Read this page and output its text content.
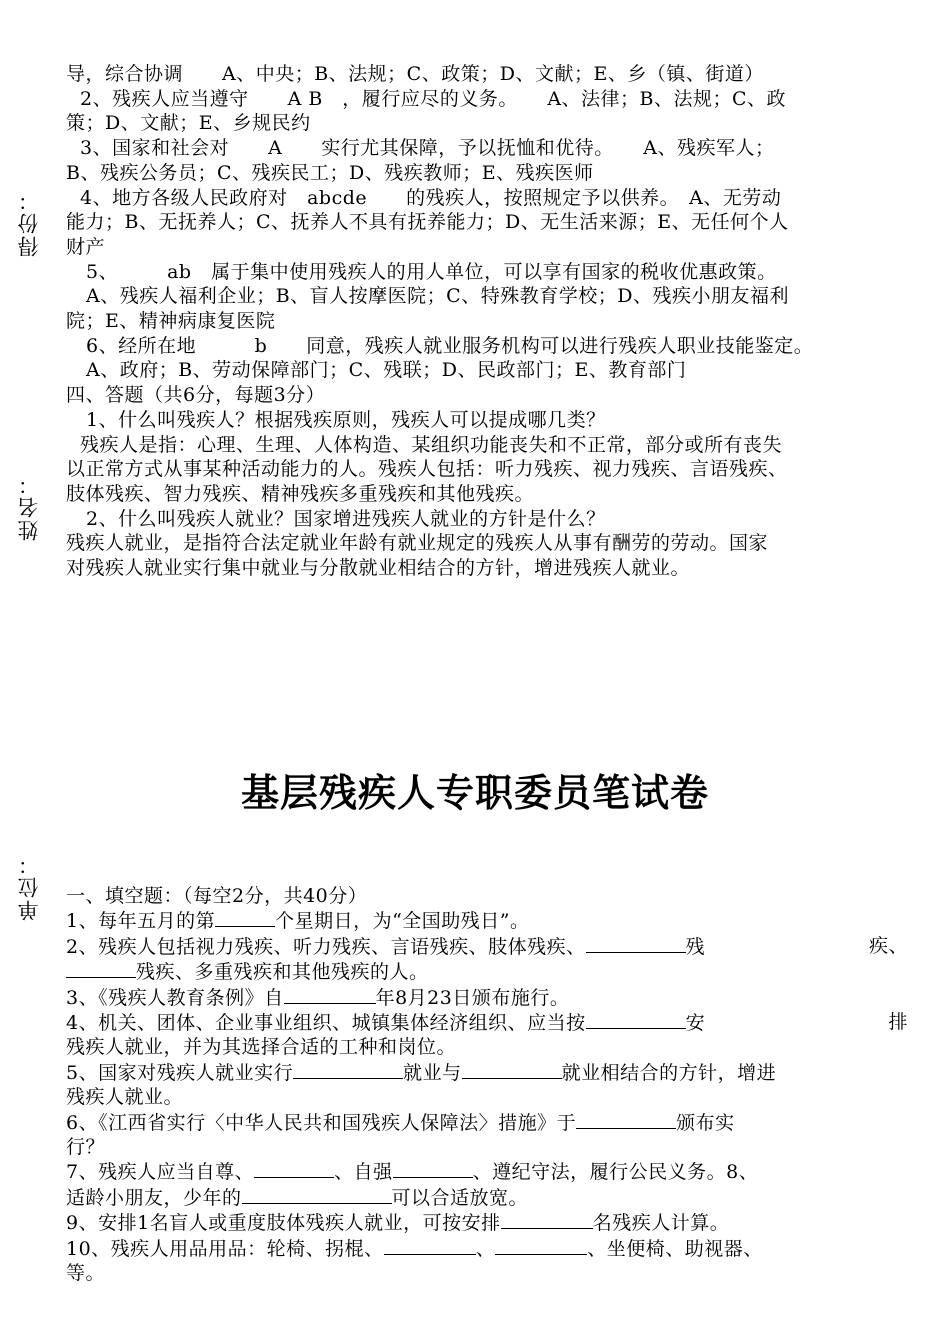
得份：
姓名：
单位：
导，综合协调　　A、中央；B、法规；C、政策；D、文献；E、乡（镇、街道）
2、残疾人应当遵守　　A B　，履行应尽的义务。　　A、法律；B、法规；C、政
策；D、文献；E、乡规民约
3、国家和社会对　　A　　实行尤其保障，予以抚恤和优待。　　A、残疾军人；
B、残疾公务员；C、残疾民工；D、残疾教师；E、残疾医师
4、地方各级人民政府对　abcde　　的残疾人，按照规定予以供养。　A、无劳动
能力；B、无抚养人；C、抚养人不具有抚养能力；D、无生活来源；E、无任何个人
财产
5、　　　ab　属于集中使用残疾人的用人单位，可以享有国家的税收优惠政策。
A、残疾人福利企业；B、盲人按摩医院；C、特殊教育学校；D、残疾小朋友福利
院；E、精神病康复医院
6、经所在地　　　b　　同意，残疾人就业服务机构可以进行残疾人职业技能鉴定。
A、政府；B、劳动保障部门；C、残联；D、民政部门；E、教育部门
四、答题（共6分，每题3分）
1、什么叫残疾人？根据残疾原则，残疾人可以提成哪几类？
残疾人是指：心理、生理、人体构造、某组织功能丧失和不正常，部分或所有丧失
以正常方式从事某种活动能力的人。残疾人包括：听力残疾、视力残疾、言语残疾、
肢体残疾、智力残疾、精神残疾多重残疾和其他残疾。
2、什么叫残疾人就业？国家增进残疾人就业的方针是什么？
残疾人就业，是指符合法定就业年龄有就业规定的残疾人从事有酬劳的劳动。国家
对残疾人就业实行集中就业与分散就业相结合的方针，增进残疾人就业。
基层残疾人专职委员笔试卷
一、填空题：（每空2分，共40分）
1、每年五月的第	个星期日，为“全国助残日”。
2、残疾人包括视力残疾、听力残疾、言语残疾、肢体残疾、	残	疾、
残疾、多重残疾和其他残疾的人。
3、《残疾人教育条例》自	年8月23日颁布施行。
4、机关、团体、企业事业组织、城镇集体经济组织、应当按	安	排
残疾人就业，并为其选择合适的工种和岗位。
5、国家对残疾人就业实行	就业与	就业相结合的方针，增进
残疾人就业。
6、《江西省实行〈中华人民共和国残疾人保障法〉措施》于	颁布实
行？
7、残疾人应当自尊、	、自强	、遵纪守法，履行公民义务。8、
适龄小朋友，少年的	可以合适放宽。
9、安排1名盲人或重度肢体残疾人就业，可按安排	名残疾人计算。
10、残疾人用品用品：轮椅、拐棍、	、	、坐便椅、助视器、
等。
